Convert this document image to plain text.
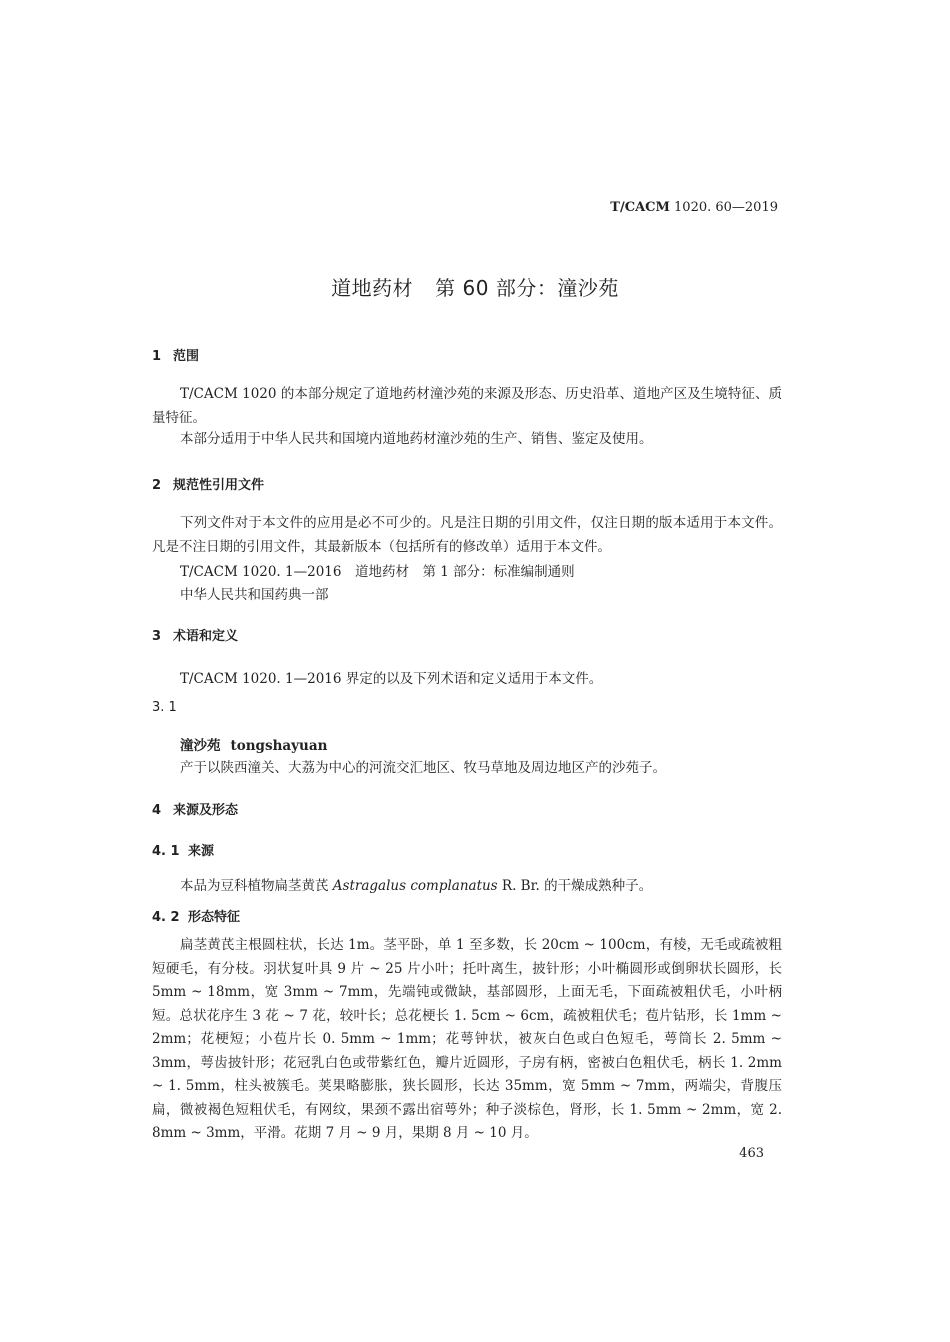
T/CACM 1020. 60—2019
道地药材 第 60 部分：潼沙苑
1 范围
T/CACM 1020 的本部分规定了道地药材潼沙苑的来源及形态、历史沿革、道地产区及生境特征、质量特征。
本部分适用于中华人民共和国境内道地药材潼沙苑的生产、销售、鉴定及使用。
2 规范性引用文件
下列文件对于本文件的应用是必不可少的。凡是注日期的引用文件，仅注日期的版本适用于本文件。凡是不注日期的引用文件，其最新版本（包括所有的修改单）适用于本文件。
T/CACM 1020. 1—2016　道地药材　第 1 部分：标准编制通则
中华人民共和国药典一部
3 术语和定义
T/CACM 1020. 1—2016 界定的以及下列术语和定义适用于本文件。
3. 1
潼沙苑 tongshayuan
产于以陕西潼关、大荔为中心的河流交汇地区、牧马草地及周边地区产的沙苑子。
4 来源及形态
4. 1 来源
本品为豆科植物扁茎黄芪 Astragalus complanatus R. Br. 的干燥成熟种子。
4. 2 形态特征
扁茎黄芪主根圆柱状，长达 1m。茎平卧，单 1 至多数，长 20cm ~ 100cm，有棱，无毛或疏被粗短硬毛，有分枝。羽状复叶具 9 片 ~ 25 片小叶；托叶离生，披针形；小叶椭圆形或倒卵状长圆形，长 5mm ~ 18mm，宽 3mm ~ 7mm，先端钝或微缺，基部圆形，上面无毛，下面疏被粗伏毛，小叶柄短。总状花序生 3 花 ~ 7 花，较叶长；总花梗长 1. 5cm ~ 6cm，疏被粗伏毛；苞片钻形，长 1mm ~ 2mm；花梗短；小苞片长 0. 5mm ~ 1mm；花萼钟状，被灰白色或白色短毛，萼筒长 2. 5mm ~ 3mm，萼齿披针形；花冠乳白色或带紫红色，瓣片近圆形，子房有柄，密被白色粗伏毛，柄长 1. 2mm ~ 1. 5mm，柱头被簇毛。荚果略膨胀，狭长圆形，长达 35mm，宽 5mm ~ 7mm，两端尖，背腹压扁，微被褐色短粗伏毛，有网纹，果颈不露出宿萼外；种子淡棕色，肾形，长 1. 5mm ~ 2mm，宽 2. 8mm ~ 3mm，平滑。花期 7 月 ~ 9 月，果期 8 月 ~ 10 月。
463
